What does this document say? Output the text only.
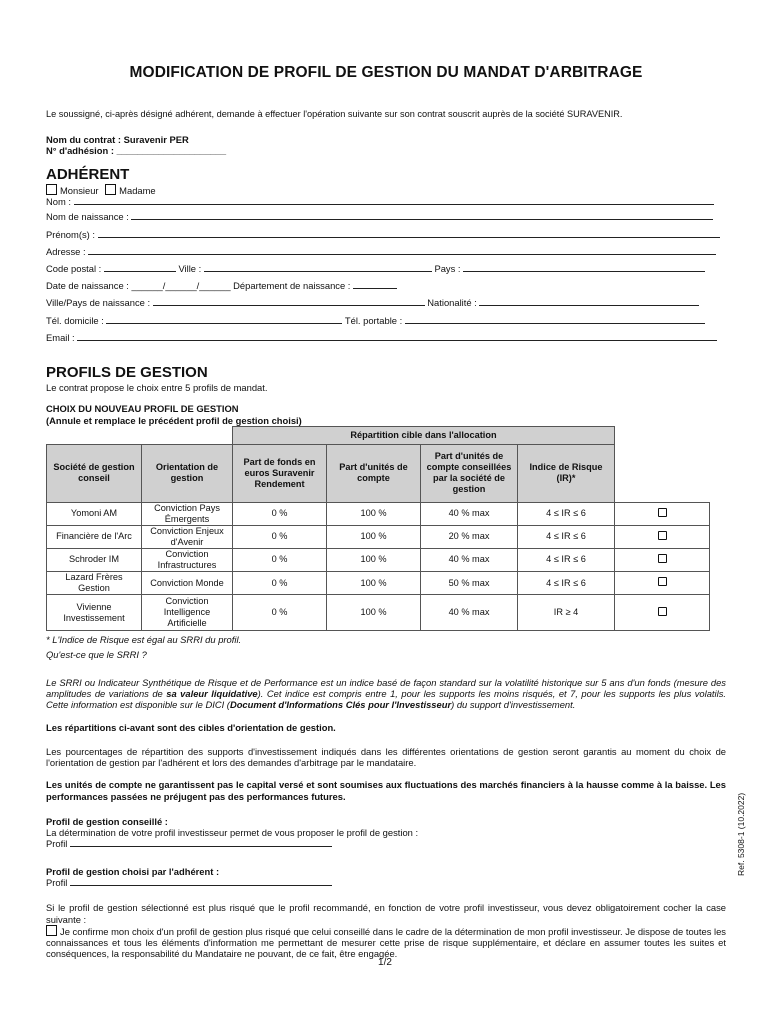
MODIFICATION DE PROFIL DE GESTION DU MANDAT D'ARBITRAGE
Le soussigné, ci-après désigné adhérent, demande à effectuer l'opération suivante sur son contrat souscrit auprès de la société SURAVENIR.
Nom du contrat : Suravenir PER
N° d'adhésion : _____________________
ADHÉRENT
Monsieur Madame
Nom :
Nom de naissance :
Prénom(s) :
Adresse :
Code postal :	Ville :	Pays :
Date de naissance : ______/______/______ Département de naissance :
Ville/Pays de naissance :	Nationalité :
Tél. domicile :	Tél. portable :
Email :
PROFILS DE GESTION
Le contrat propose le choix entre 5 profils de mandat.
CHOIX DU NOUVEAU PROFIL DE GESTION
(Annule et remplace le précédent profil de gestion choisi)
		Répartition cible dans l'allocation				
Société de gestion conseil	Orientation de gestion	Part de fonds en euros Suravenir Rendement	Part d'unités de compte	Part d'unités de compte conseillées par la société de gestion	Indice de Risque (IR)*	
Yomoni AM	Conviction Pays Émergents	0 %	100 %	40 % max	4 ≤ IR ≤ 6	
Financière de l'Arc	Conviction Enjeux d'Avenir	0 %	100 %	20 % max	4 ≤ IR ≤ 6	
Schroder IM	Conviction Infrastructures	0 %	100 %	40 % max	4 ≤ IR ≤ 6	
Lazard Frères Gestion	Conviction Monde	0 %	100 %	50 % max	4 ≤ IR ≤ 6	
Vivienne Investissement	Conviction Intelligence Artificielle	0 %	100 %	40 % max	IR ≥ 4	
* L'Indice de Risque est égal au SRRI du profil.
Qu'est-ce que le SRRI ?
Le SRRI ou Indicateur Synthétique de Risque et de Performance est un indice basé de façon standard sur la volatilité historique sur 5 ans d'un fonds (mesure des amplitudes de variations de sa valeur liquidative). Cet indice est compris entre 1, pour les supports les moins risqués, et 7, pour les supports les plus volatils. Cette information est disponible sur le DICI (Document d'Informations Clés pour l'Investisseur) du support d'investissement.
Les répartitions ci-avant sont des cibles d'orientation de gestion.
Les pourcentages de répartition des supports d'investissement indiqués dans les différentes orientations de gestion seront garantis au moment du choix de l'orientation de gestion par l'adhérent et lors des demandes d'arbitrage par le mandataire.
Les unités de compte ne garantissent pas le capital versé et sont soumises aux fluctuations des marchés financiers à la hausse comme à la baisse. Les performances passées ne préjugent pas des performances futures.
Profil de gestion conseillé :
La détermination de votre profil investisseur permet de vous proposer le profil de gestion :
Profil
Profil de gestion choisi par l'adhérent :
Profil
Si le profil de gestion sélectionné est plus risqué que le profil recommandé, en fonction de votre profil investisseur, vous devez obligatoirement cocher la case suivante :
Je confirme mon choix d'un profil de gestion plus risqué que celui conseillé dans le cadre de la détermination de mon profil investisseur. Je dispose de toutes les connaissances et tous les éléments d'information me permettant de mesurer cette prise de risque supplémentaire, et déclare en assumer toutes les suites et conséquences, la responsabilité du Mandataire ne pouvant, de ce fait, être engagée.
Ref. 5308-1 (10.2022)
1/2
